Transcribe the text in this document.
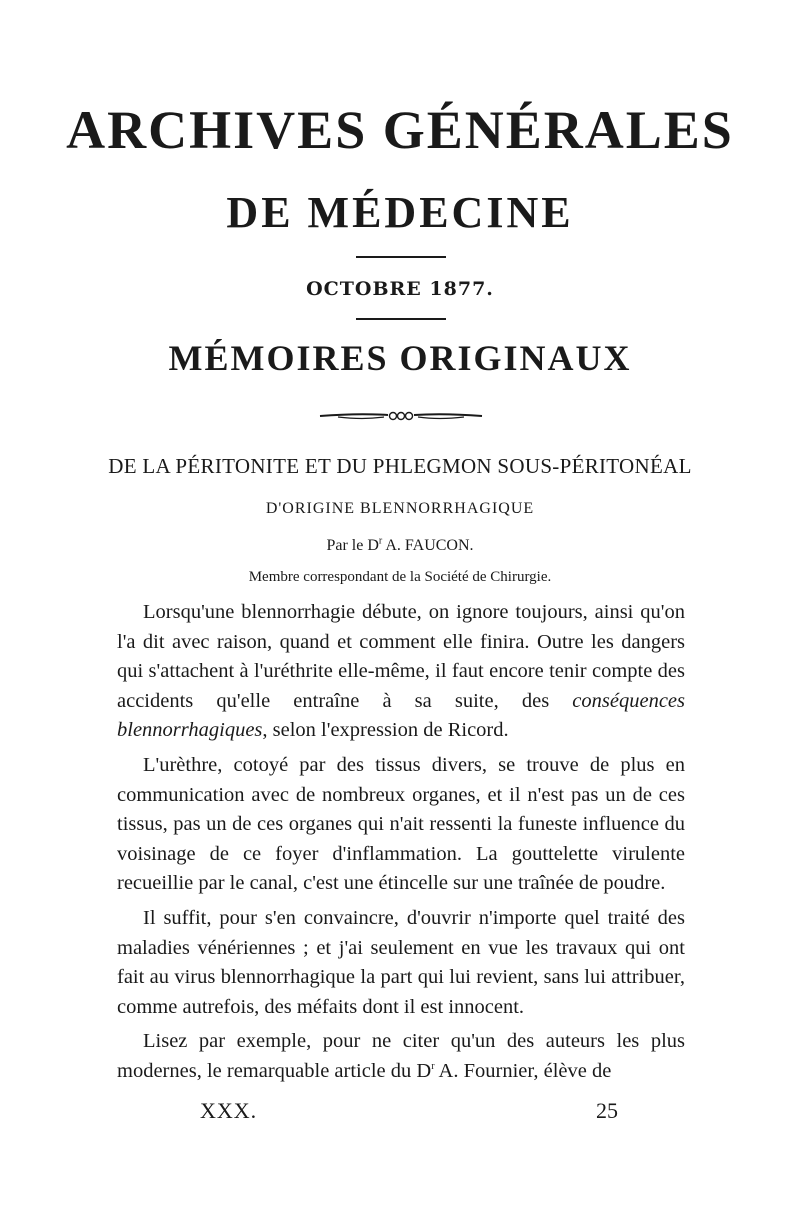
ARCHIVES GÉNÉRALES
DE MÉDECINE
OCTOBRE 1877.
MÉMOIRES ORIGINAUX
DE LA PÉRITONITE ET DU PHLEGMON SOUS-PÉRITONÉAL
D'ORIGINE BLENNORRHAGIQUE
Par le $D^r$ A. FAUCON.
Membre correspondant de la Société de Chirurgie.

Lorsqu'une blennorrhagie débute, on ignore toujours, ainsi qu'on l'a dit avec raison, quand et comment elle finira. Outre les dangers qui s'attachent à l'uréthrite elle-même, il faut encore tenir compte des accidents qu'elle entraîne à sa suite, des conséquences blennorrhagiques, selon l'expression de Ricord.

L'urèthre, cotoyé par des tissus divers, se trouve de plus en communication avec de nombreux organes, et il n'est pas un de ces tissus, pas un de ces organes qui n'ait ressenti la funeste influence du voisinage de ce foyer d'inflammation. La gouttelette virulente recueillie par le canal, c'est une étincelle sur une traînée de poudre.

Il suffit, pour s'en convaincre, d'ouvrir n'importe quel traité des maladies vénériennes ; et j'ai seulement en vue les travaux qui ont fait au virus blennorrhagique la part qui lui revient, sans lui attribuer, comme autrefois, des méfaits dont il est innocent.

Lisez par exemple, pour ne citer qu'un des auteurs les plus modernes, le remarquable article du $D^r$ A. Fournier, élève de

XXX.	25
